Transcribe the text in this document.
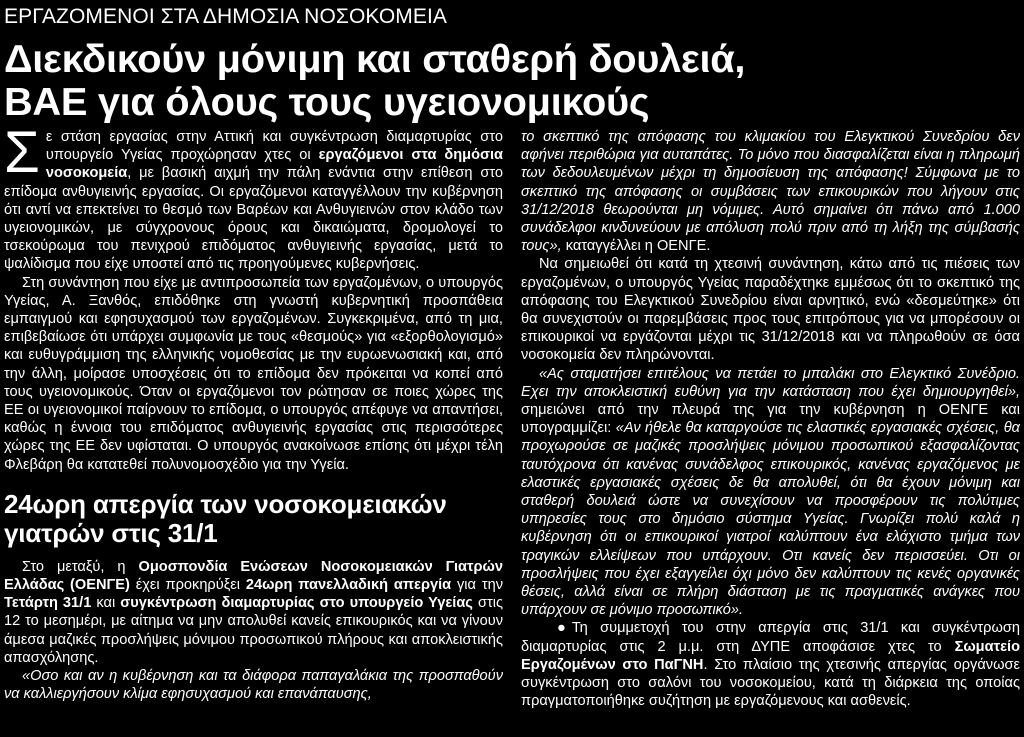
ΕΡΓΑΖΟΜΕΝΟΙ ΣΤΑ ΔΗΜΟΣΙΑ ΝΟΣΟΚΟΜΕΙΑ
Διεκδικούν μόνιμη και σταθερή δουλειά,
ΒΑΕ για όλους τους υγειονομικούς

Σε στάση εργασίας στην Αττική και συγκέντρωση διαμαρτυρίας στο υπουργείο Υγείας προχώρησαν χτες οι εργαζόμενοι στα δημόσια νοσοκομεία, με βασική αιχμή την πάλη ενάντια στην επίθεση στο επίδομα ανθυγιεινής εργασίας. Οι εργαζόμενοι καταγγέλλουν την κυβέρνηση ότι αντί να επεκτείνει το θεσμό των Βαρέων και Ανθυγιεινών στον κλάδο των υγειονομικών, με σύγχρονους όρους και δικαιώματα, δρομολογεί το τσεκούρωμα του πενιχρού επιδόματος ανθυγιεινής εργασίας, μετά το ψαλίδισμα που είχε υποστεί από τις προηγούμενες κυβερνήσεις.

Στη συνάντηση που είχε με αντιπροσωπεία των εργαζομένων, ο υπουργός Υγείας, Α. Ξανθός, επιδόθηκε στη γνωστή κυβερνητική προσπάθεια εμπαιγμού και εφησυχασμού των εργαζομένων. Συγκεκριμένα, από τη μια, επιβεβαίωσε ότι υπάρχει συμφωνία με τους «θεσμούς» για «εξορθολογισμό» και ευθυγράμμιση της ελληνικής νομοθεσίας με την ευρωενωσιακή και, από την άλλη, μοίρασε υποσχέσεις ότι το επίδομα δεν πρόκειται να κοπεί από τους υγειονομικούς. Όταν οι εργαζόμενοι τον ρώτησαν σε ποιες χώρες της ΕΕ οι υγειονομικοί παίρνουν το επίδομα, ο υπουργός απέφυγε να απαντήσει, καθώς η έννοια του επιδόματος ανθυγιεινής εργασίας στις περισσότερες χώρες της ΕΕ δεν υφίσταται. Ο υπουργός ανακοίνωσε επίσης ότι μέχρι τέλη Φλεβάρη θα κατατεθεί πολυνομοσχέδιο για την Υγεία.

24ωρη απεργία των νοσοκομειακών γιατρών στις 31/1

Στο μεταξύ, η Ομοσπονδία Ενώσεων Νοσοκομειακών Γιατρών Ελλάδας (ΟΕΝΓΕ) έχει προκηρύξει 24ωρη πανελλαδική απεργία για την Τετάρτη 31/1 και συγκέντρωση διαμαρτυρίας στο υπουργείο Υγείας στις 12 το μεσημέρι, με αίτημα να μην απολυθεί κανείς επικουρικός και να γίνουν άμεσα μαζικές προσλήψεις μόνιμου προσωπικού πλήρους και αποκλειστικής απασχόλησης.

«Οσο και αν η κυβέρνηση και τα διάφορα παπαγαλάκια της προσπαθούν να καλλιεργήσουν κλίμα εφησυχασμού και επανάπαυσης,

το σκεπτικό της απόφασης του κλιμακίου του Ελεγκτικού Συνεδρίου δεν αφήνει περιθώρια για αυταπάτες. Το μόνο που διασφαλίζεται είναι η πληρωμή των δεδουλευμένων μέχρι τη δημοσίευση της απόφασης! Σύμφωνα με το σκεπτικό της απόφασης οι συμβάσεις των επικουρικών που λήγουν στις 31/12/2018 θεωρούνται μη νόμιμες. Αυτό σημαίνει ότι πάνω από 1.000 συνάδελφοι κινδυνεύουν με απόλυση πολύ πριν από τη λήξη της σύμβασής τους», καταγγέλλει η ΟΕΝΓΕ.

Να σημειωθεί ότι κατά τη χτεσινή συνάντηση, κάτω από τις πιέσεις των εργαζομένων, ο υπουργός Υγείας παραδέχτηκε εμμέσως ότι το σκεπτικό της απόφασης του Ελεγκτικού Συνεδρίου είναι αρνητικό, ενώ «δεσμεύτηκε» ότι θα συνεχιστούν οι παρεμβάσεις προς τους επιτρόπους για να μπορέσουν οι επικουρικοί να εργάζονται μέχρι τις 31/12/2018 και να πληρωθούν σε όσα νοσοκομεία δεν πληρώνονται.

«Ας σταματήσει επιτέλους να πετάει το μπαλάκι στο Ελεγκτικό Συνέδριο. Εχει την αποκλειστική ευθύνη για την κατάσταση που έχει δημιουργηθεί», σημειώνει από την πλευρά της για την κυβέρνηση η ΟΕΝΓΕ και υπογραμμίζει: «Αν ήθελε θα καταργούσε τις ελαστικές εργασιακές σχέσεις, θα προχωρούσε σε μαζικές προσλήψεις μόνιμου προσωπικού εξασφαλίζοντας ταυτόχρονα ότι κανένας συνάδελφος επικουρικός, κανένας εργαζόμενος με ελαστικές εργασιακές σχέσεις δε θα απολυθεί, ότι θα έχουν μόνιμη και σταθερή δουλειά ώστε να συνεχίσουν να προσφέρουν τις πολύτιμες υπηρεσίες τους στο δημόσιο σύστημα Υγείας. Γνωρίζει πολύ καλά η κυβέρνηση ότι οι επικουρικοί γιατροί καλύπτουν ένα ελάχιστο τμήμα των τραγικών ελλείψεων που υπάρχουν. Οτι κανείς δεν περισσεύει. Οτι οι προσλήψεις που έχει εξαγγείλει όχι μόνο δεν καλύπτουν τις κενές οργανικές θέσεις, αλλά είναι σε πλήρη διάσταση με τις πραγματικές ανάγκες που υπάρχουν σε μόνιμο προσωπικό».

● Τη συμμετοχή του στην απεργία στις 31/1 και συγκέντρωση διαμαρτυρίας στις 2 μ.μ. στη ΔΥΠΕ αποφάσισε χτες το Σωματείο Εργαζομένων στο ΠαΓΝΗ. Στο πλαίσιο της χτεσινής απεργίας οργάνωσε συγκέντρωση στο σαλόνι του νοσοκομείου, κατά τη διάρκεια της οποίας πραγματοποιήθηκε συζήτηση με εργαζόμενους και ασθενείς.
